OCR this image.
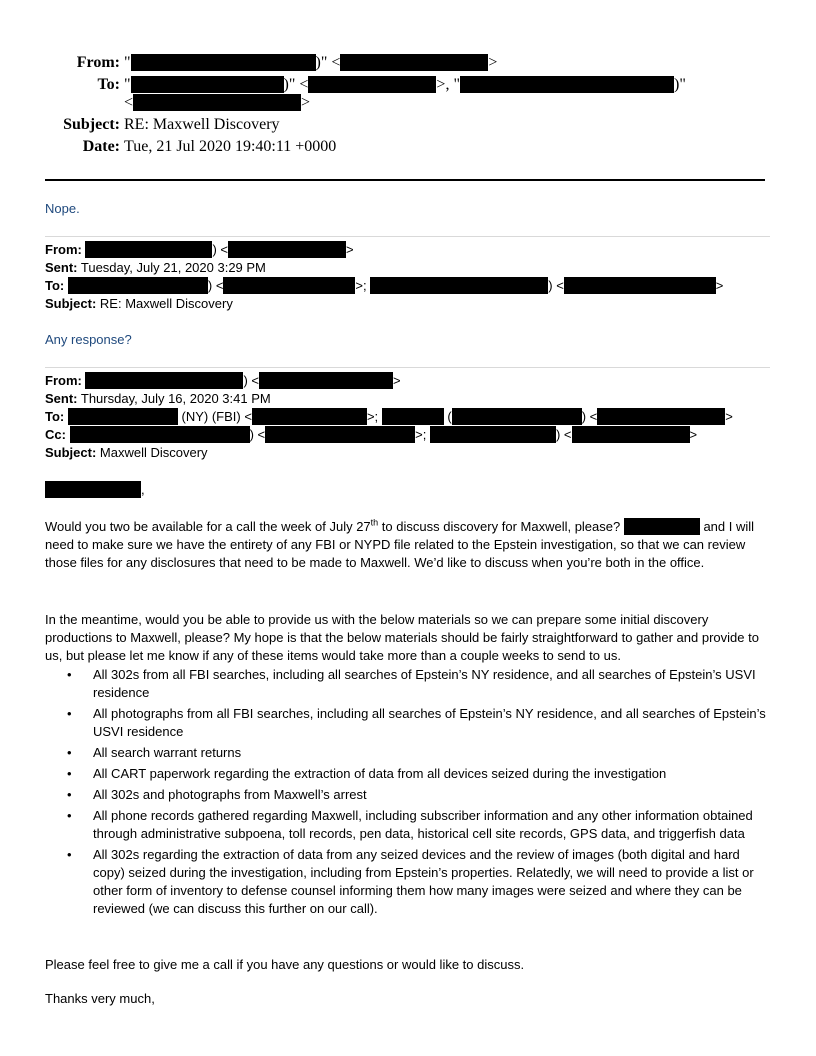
From: "	)" <	>
To: "	)" <	>, "	)"
<	>
Subject: RE: Maxwell Discovery
Date: Tue, 21 Jul 2020 19:40:11 +0000
Nope.
From:	) <	>
Sent: Tuesday, July 21, 2020 3:29 PM
To:	) <	>;	) <	>
Subject: RE: Maxwell Discovery
Any response?
From:	) <	>
Sent: Thursday, July 16, 2020 3:41 PM
To:	(NY) (FBI) <	>;	(	) <	>
Cc:	) <	>;	) <	>
Subject: Maxwell Discovery
,
Would you two be available for a call the week of July 27th to discuss discovery for Maxwell, please?	and I will need to make sure we have the entirety of any FBI or NYPD file related to the Epstein investigation, so that we can review those files for any disclosures that need to be made to Maxwell. We’d like to discuss when you’re both in the office.
In the meantime, would you be able to provide us with the below materials so we can prepare some initial discovery productions to Maxwell, please? My hope is that the below materials should be fairly straightforward to gather and provide to us, but please let me know if any of these items would take more than a couple weeks to send to us.
• All 302s from all FBI searches, including all searches of Epstein’s NY residence, and all searches of Epstein’s USVI residence
• All photographs from all FBI searches, including all searches of Epstein’s NY residence, and all searches of Epstein’s USVI residence
• All search warrant returns
• All CART paperwork regarding the extraction of data from all devices seized during the investigation
• All 302s and photographs from Maxwell’s arrest
• All phone records gathered regarding Maxwell, including subscriber information and any other information obtained through administrative subpoena, toll records, pen data, historical cell site records, GPS data, and triggerfish data
• All 302s regarding the extraction of data from any seized devices and the review of images (both digital and hard copy) seized during the investigation, including from Epstein’s properties. Relatedly, we will need to provide a list or other form of inventory to defense counsel informing them how many images were seized and where they can be reviewed (we can discuss this further on our call).
Please feel free to give me a call if you have any questions or would like to discuss.
Thanks very much,
